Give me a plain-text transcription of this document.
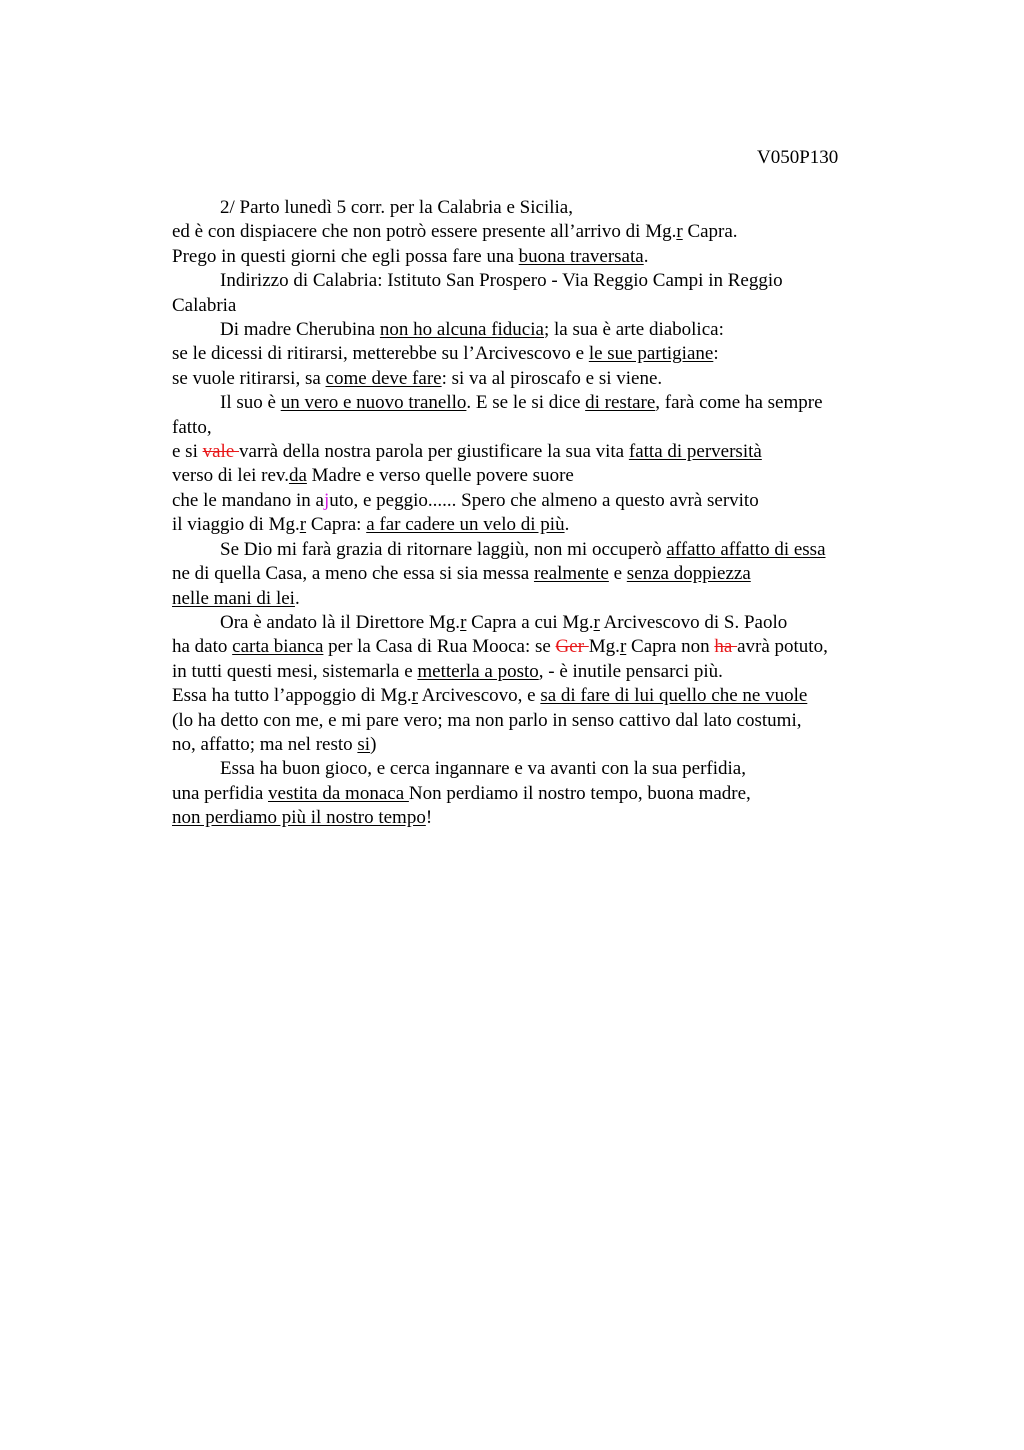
V050P130
2/ Parto lunedì 5 corr. per la Calabria e Sicilia,
ed è con dispiacere che non potrò essere presente all’arrivo di Mg.r Capra.
Prego in questi giorni che egli possa fare una buona traversata.
Indirizzo di Calabria: Istituto San Prospero - Via Reggio Campi in Reggio
Calabria
Di madre Cherubina non ho alcuna fiducia; la sua è arte diabolica:
se le dicessi di ritirarsi, metterebbe su l’Arcivescovo e le sue partigiane:
se vuole ritirarsi, sa come deve fare: si va al piroscafo e si viene.
Il suo è un vero e nuovo tranello. E se le si dice di restare, farà come ha sempre
fatto,
e si vale varrà della nostra parola per giustificare la sua vita fatta di perversità
verso di lei rev.da Madre e verso quelle povere suore
che le mandano in ajuto, e peggio...... Spero che almeno a questo avrà servito
il viaggio di Mg.r Capra: a far cadere un velo di più.
Se Dio mi farà grazia di ritornare laggiù, non mi occuperò affatto affatto di essa
ne di quella Casa, a meno che essa si sia messa realmente e senza doppiezza
nelle mani di lei.
Ora è andato là il Direttore Mg.r Capra a cui Mg.r Arcivescovo di S. Paolo
ha dato carta bianca per la Casa di Rua Mooca: se Ger Mg.r Capra non ha avrà potuto,
in tutti questi mesi, sistemarla e metterla a posto, - è inutile pensarci più.
Essa ha tutto l’appoggio di Mg.r Arcivescovo, e sa di fare di lui quello che ne vuole
(lo ha detto con me, e mi pare vero; ma non parlo in senso cattivo dal lato costumi,
no, affatto; ma nel resto si)
Essa ha buon gioco, e cerca ingannare e va avanti con la sua perfidia,
una perfidia vestita da monaca Non perdiamo il nostro tempo, buona madre,
non perdiamo più il nostro tempo!
